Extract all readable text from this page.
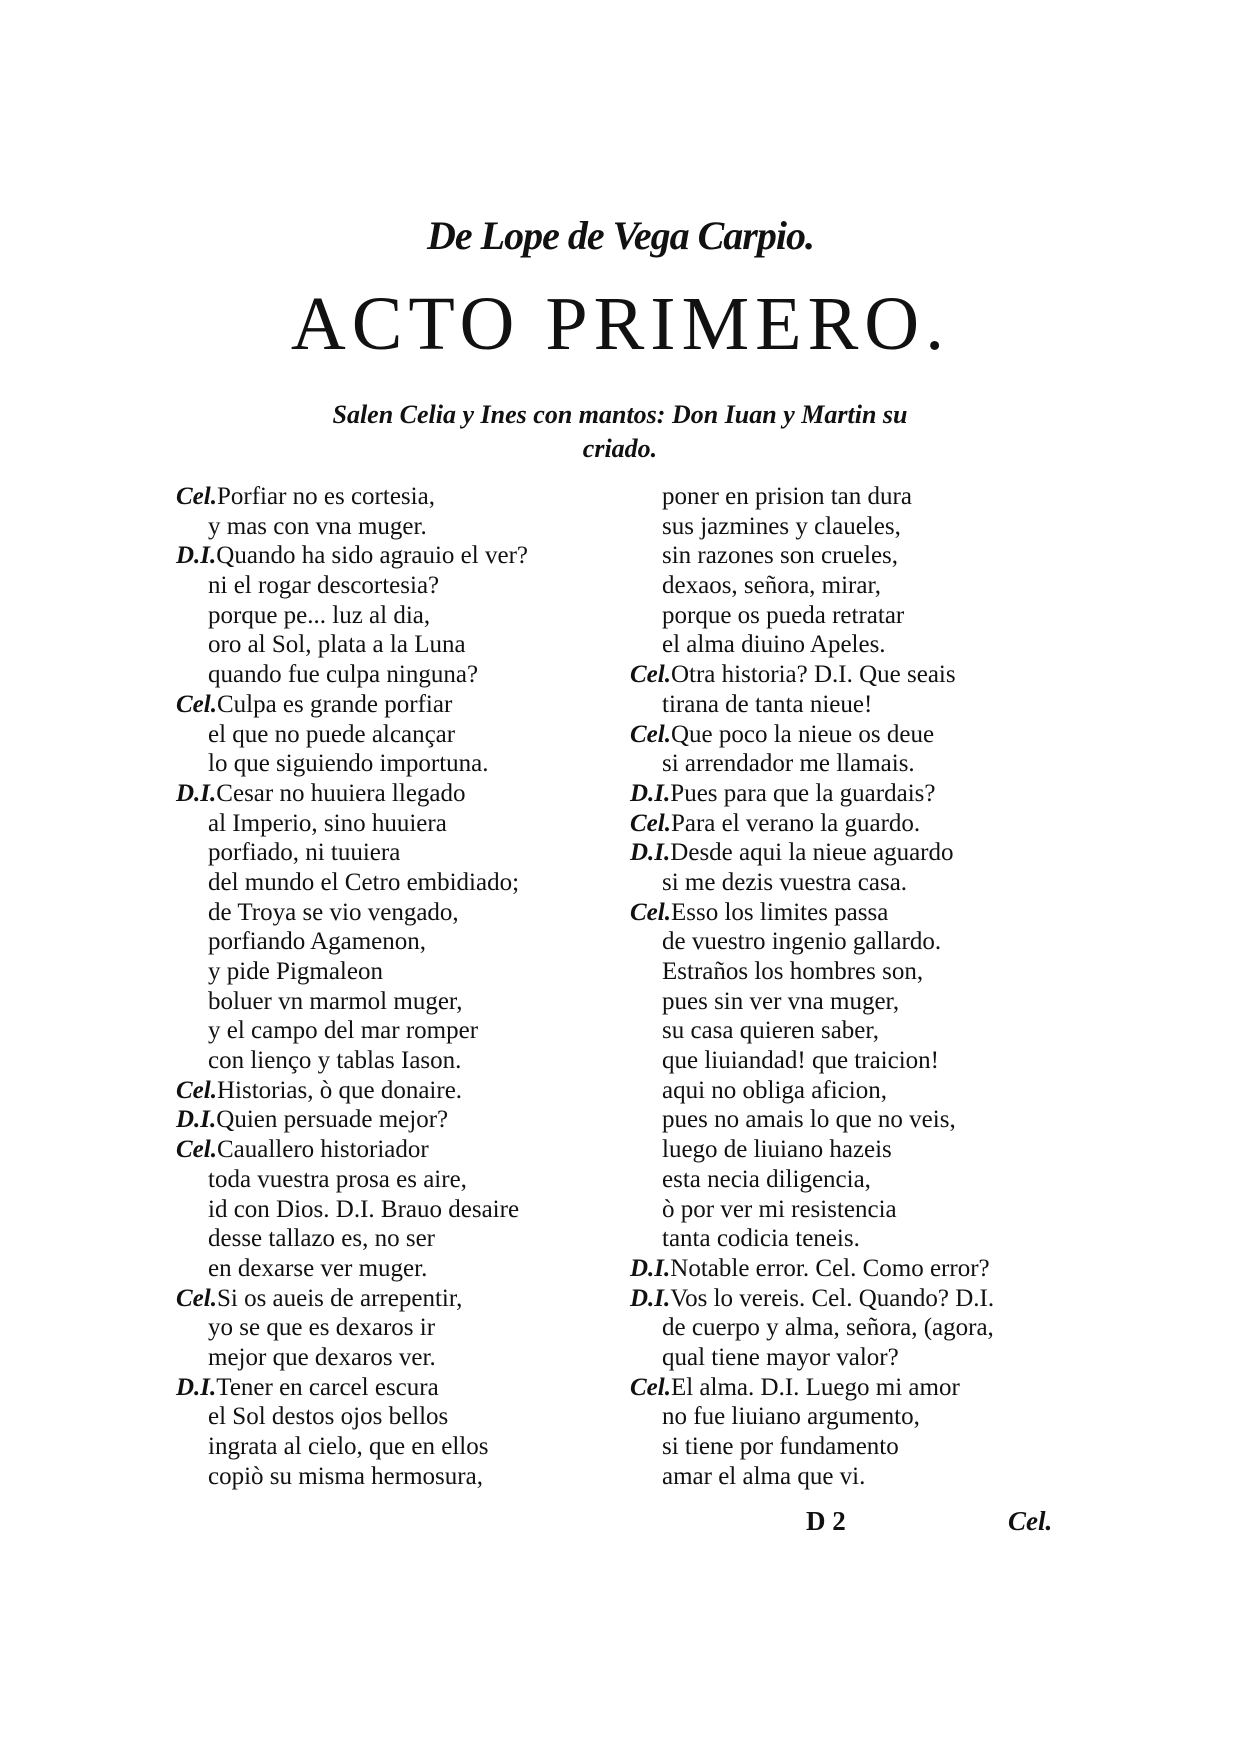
De Lope de Vega Carpio.
ACTO PRIMERO.
Salen Celia y Ines con mantos: Don Iuan y Martin su criado.
Cel.Porfiar no es cortesia,
y mas con vna muger.
D.I.Quando ha sido agrauio el ver?
ni el rogar descortesia?
porque pe... luz al dia,
oro al Sol, plata a la Luna
quando fue culpa ninguna?
Cel.Culpa es grande porfiar
el que no puede alcançar
lo que siguiendo importuna.
D.I.Cesar no huuiera llegado
al Imperio, sino huuiera
porfiado, ni tuuiera
del mundo el Cetro embidiado;
de Troya se vio vengado,
porfiando Agamenon,
y pide Pigmaleon
boluer vn marmol muger,
y el campo del mar romper
con lienço y tablas Iason.
Cel.Historias, ò que donaire.
D.I.Quien persuade mejor?
Cel.Cauallero historiador
toda vuestra prosa es aire,
id con Dios. D.I. Brauo desaire
desse tallazo es, no ser
en dexarse ver muger.
Cel.Si os aueis de arrepentir,
yo se que es dexaros ir
mejor que dexaros ver.
D.I.Tener en carcel escura
el Sol destos ojos bellos
ingrata al cielo, que en ellos
copiò su misma hermosura,
poner en prision tan dura
sus jazmines y claueles,
sin razones son crueles,
dexaos, señora, mirar,
porque os pueda retratar
el alma diuino Apeles.
Cel.Otra historia? D.I. Que seais
tirana de tanta nieue!
Cel.Que poco la nieue os deue
si arrendador me llamais.
D.I.Pues para que la guardais?
Cel.Para el verano la guardo.
D.I.Desde aqui la nieue aguardo
si me dezis vuestra casa.
Cel.Esso los limites passa
de vuestro ingenio gallardo.
Estraños los hombres son,
pues sin ver vna muger,
su casa quieren saber,
que liuiandad! que traicion!
aqui no obliga aficion,
pues no amais lo que no veis,
luego de liuiano hazeis
esta necia diligencia,
ò por ver mi resistencia
tanta codicia teneis.
D.I.Notable error. Cel. Como error?
D.I.Vos lo vereis. Cel. Quando? D.I.
de cuerpo y alma, señora, (agora,
qual tiene mayor valor?
Cel.El alma. D.I. Luego mi amor
no fue liuiano argumento,
si tiene por fundamento
amar el alma que vi.
D 2	Cel.
